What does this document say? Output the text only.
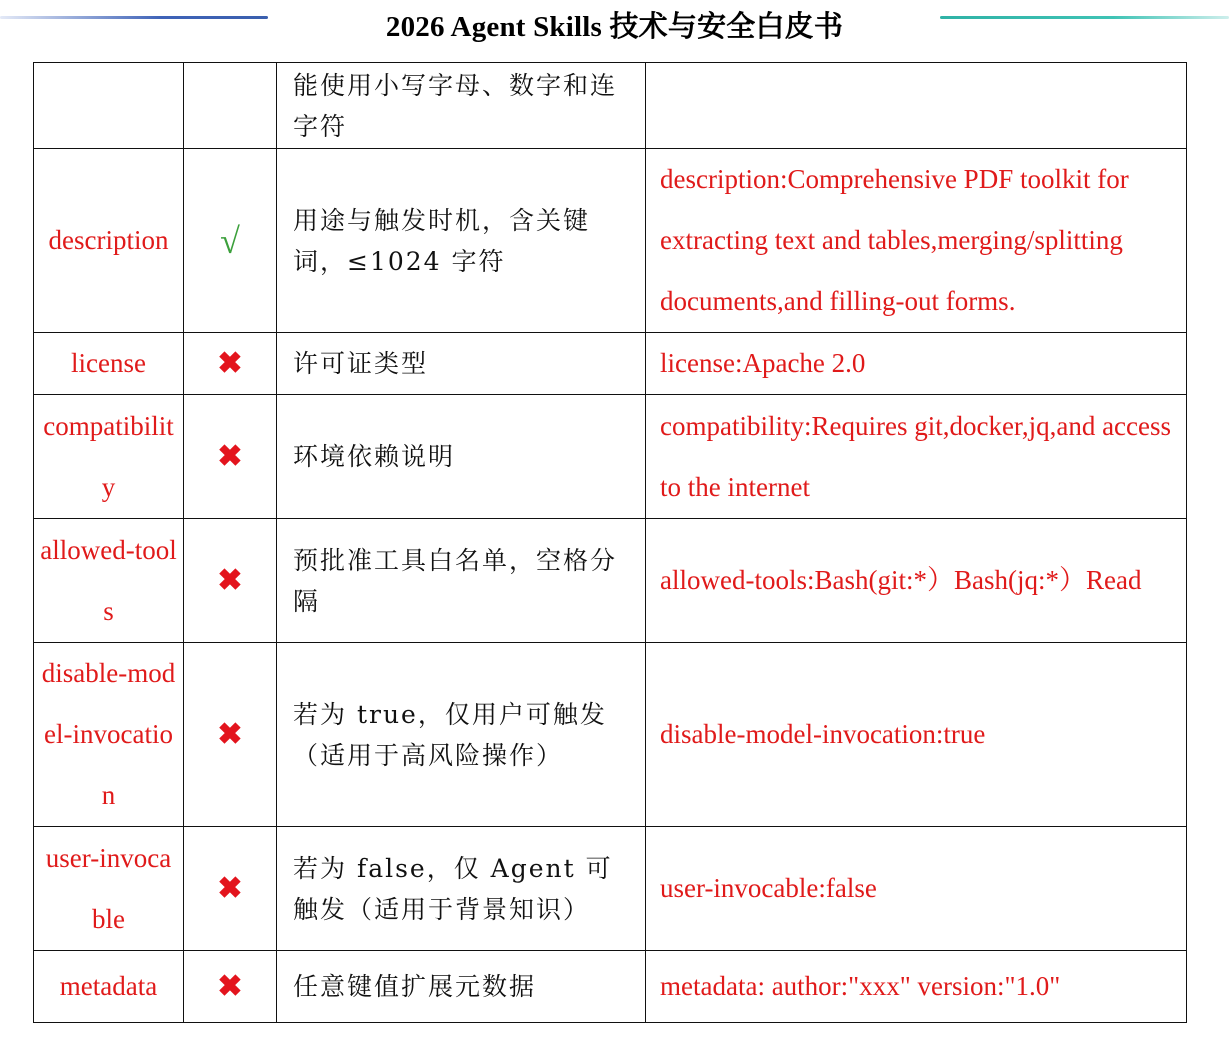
2026 Agent Skills 技术与安全白皮书
		能使用小写字母、数字和连字符	
description	√	用途与触发时机，含关键词，≤1024 字符	description:Comprehensive PDF toolkit for extracting text and tables,merging/splitting documents,and filling-out forms.
license	✖	许可证类型	license:Apache 2.0
compatibility	✖	环境依赖说明	compatibility:Requires git,docker,jq,and access to the internet
allowed-tools	✖	预批准工具白名单，空格分隔	allowed-tools:Bash(git:*）Bash(jq:*）Read
disable-model-invocation	✖	若为 true，仅用户可触发（适用于高风险操作）	disable-model-invocation:true
user-invocable	✖	若为 false，仅 Agent 可触发（适用于背景知识）	user-invocable:false
metadata	✖	任意键值扩展元数据	metadata: author:"xxx" version:"1.0"
